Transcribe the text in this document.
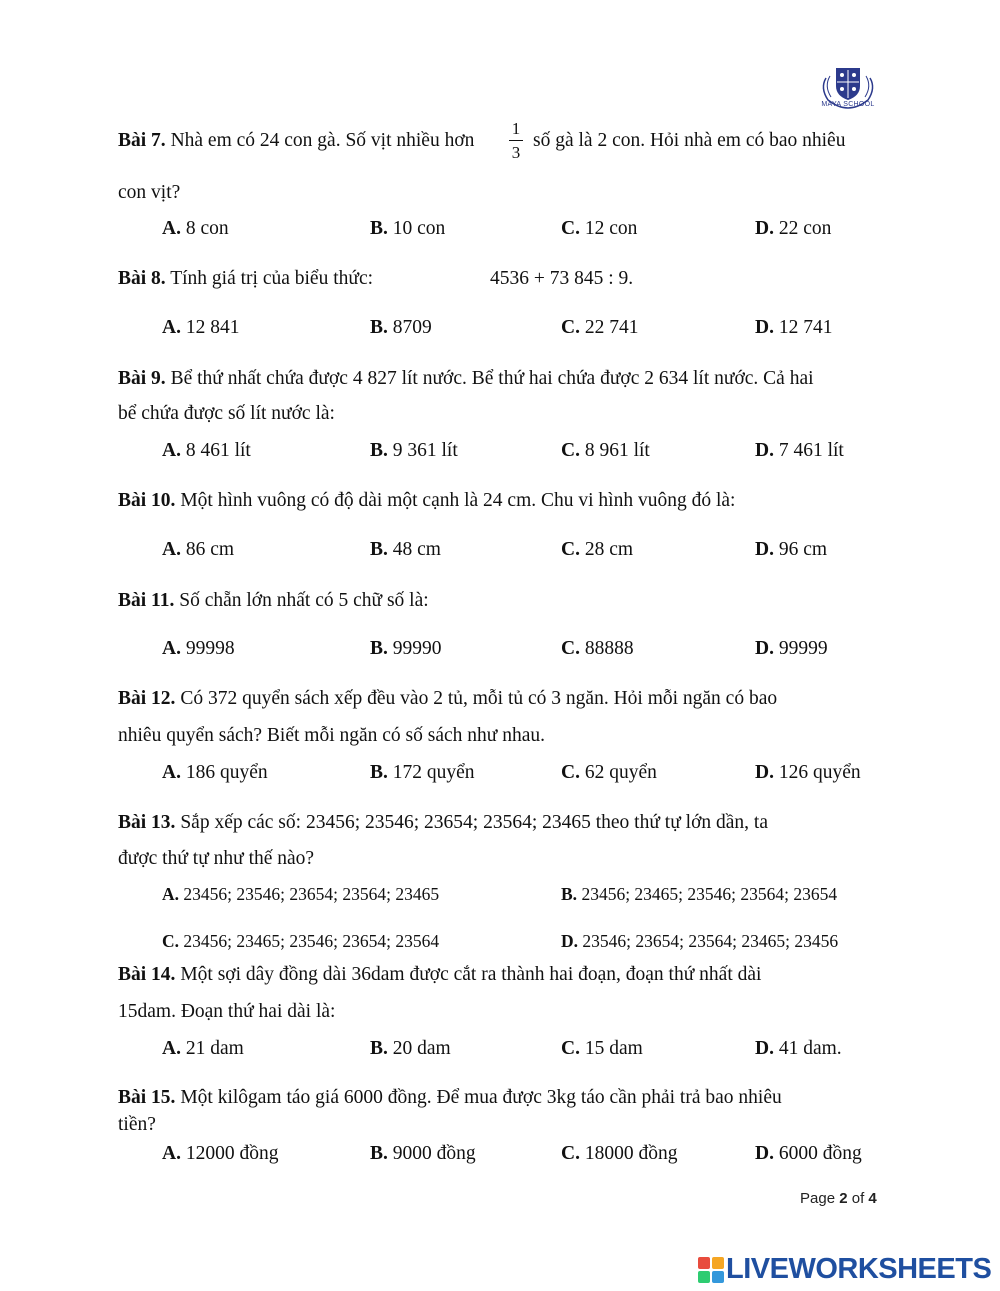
MAYA SCHOOL
Bài 7. Nhà em có 24 con gà. Số vịt nhiều hơn
1
3
số gà là 2 con. Hỏi nhà em có bao nhiêu
con vịt?
A. 8 con	B. 10 con	C. 12 con	D. 22 con
Bài 8. Tính giá trị của biểu thức:	4536 + 73 845 : 9.
A. 12 841	B. 8709	C. 22 741	D. 12 741
Bài 9. Bể thứ nhất chứa được 4 827 lít nước. Bể thứ hai chứa được 2 634 lít nước. Cả hai
bể chứa được số lít nước là:
A. 8 461 lít	B. 9 361 lít	C. 8 961 lít	D. 7 461 lít
Bài 10. Một hình vuông có độ dài một cạnh là 24 cm. Chu vi hình vuông đó là:
A. 86 cm	B. 48 cm	C. 28 cm	D. 96 cm
Bài 11. Số chẵn lớn nhất có 5 chữ số là:
A. 99998	B. 99990	C. 88888	D. 99999
Bài 12. Có 372 quyển sách xếp đều vào 2 tủ, mỗi tủ có 3 ngăn. Hỏi mỗi ngăn có bao
nhiêu quyển sách? Biết mỗi ngăn có số sách như nhau.
A. 186 quyển	B. 172 quyển	C. 62 quyển	D. 126 quyển
Bài 13. Sắp xếp các số: 23456; 23546; 23654; 23564; 23465 theo thứ tự lớn dần, ta
được thứ tự như thế nào?
A. 23456; 23546; 23654; 23564; 23465	B. 23456; 23465; 23546; 23564; 23654
C. 23456; 23465; 23546; 23654; 23564	D. 23546; 23654; 23564; 23465; 23456
Bài 14. Một sợi dây đồng dài 36dam được cắt ra thành hai đoạn, đoạn thứ nhất dài
15dam. Đoạn thứ hai dài là:
A. 21 dam	B. 20 dam	C. 15 dam	D. 41 dam.
Bài 15. Một kilôgam táo giá 6000 đồng. Để mua được 3kg táo cần phải trả bao nhiêu
tiền?
A. 12000 đồng	B. 9000 đồng	C. 18000 đồng	D. 6000 đồng
Page 2 of 4
LIVEWORKSHEETS
